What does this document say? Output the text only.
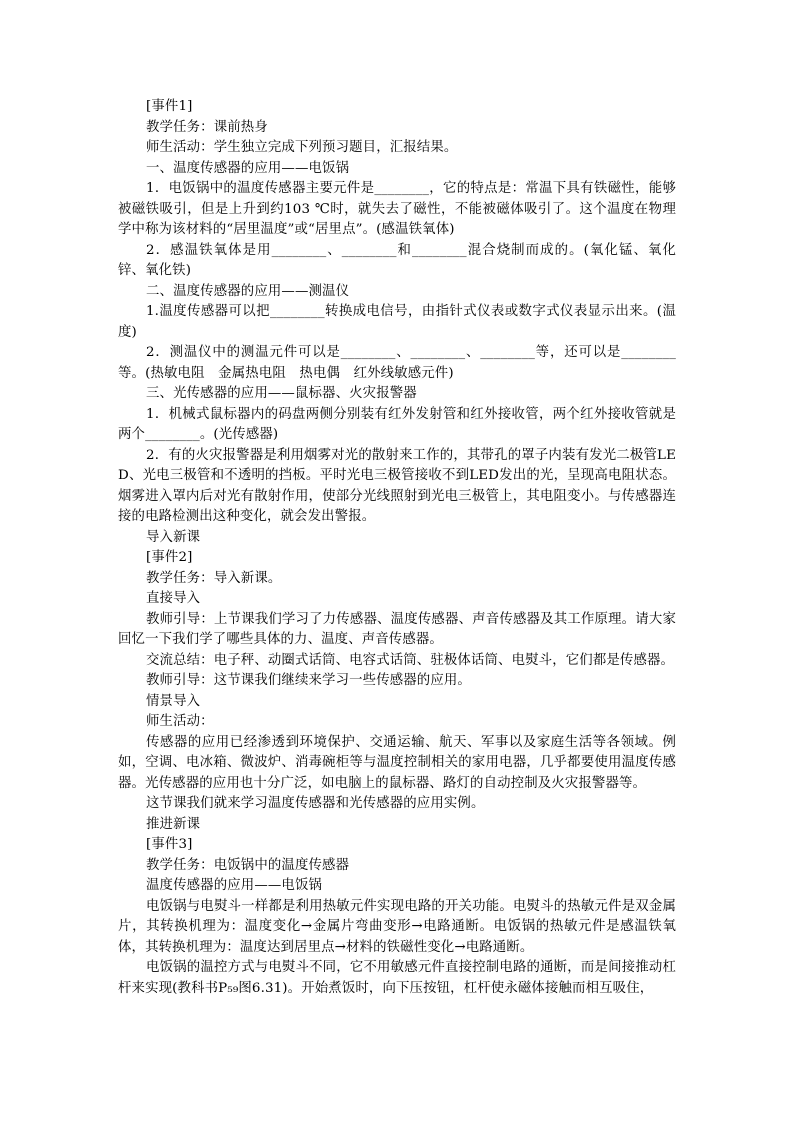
[事件1]

教学任务：课前热身

师生活动：学生独立完成下列预习题目，汇报结果。

一、温度传感器的应用——电饭锅

1．电饭锅中的温度传感器主要元件是________，它的特点是：常温下具有铁磁性，能够被磁铁吸引，但是上升到约103 ℃时，就失去了磁性，不能被磁体吸引了。这个温度在物理学中称为该材料的“居里温度”或“居里点”。(感温铁氧体)

2．感温铁氧体是用________、________和________混合烧制而成的。(氧化锰、氧化锌、氧化铁)

二、温度传感器的应用——测温仪

1.温度传感器可以把________转换成电信号，由指针式仪表或数字式仪表显示出来。(温度)

2．测温仪中的测温元件可以是________、________、________等，还可以是________等。(热敏电阻　金属热电阻　热电偶　红外线敏感元件)

三、光传感器的应用——鼠标器、火灾报警器

1．机械式鼠标器内的码盘两侧分别装有红外发射管和红外接收管，两个红外接收管就是两个________。(光传感器)

2．有的火灾报警器是利用烟雾对光的散射来工作的，其带孔的罩子内装有发光二极管LED、光电三极管和不透明的挡板。平时光电三极管接收不到LED发出的光，呈现高电阻状态。烟雾进入罩内后对光有散射作用，使部分光线照射到光电三极管上，其电阻变小。与传感器连接的电路检测出这种变化，就会发出警报。

导入新课

[事件2]

教学任务：导入新课。

直接导入

教师引导：上节课我们学习了力传感器、温度传感器、声音传感器及其工作原理。请大家回忆一下我们学了哪些具体的力、温度、声音传感器。

交流总结：电子秤、动圈式话筒、电容式话筒、驻极体话筒、电熨斗，它们都是传感器。

教师引导：这节课我们继续来学习一些传感器的应用。

情景导入

师生活动：

传感器的应用已经渗透到环境保护、交通运输、航天、军事以及家庭生活等各领域。例如，空调、电冰箱、微波炉、消毒碗柜等与温度控制相关的家用电器，几乎都要使用温度传感器。光传感器的应用也十分广泛，如电脑上的鼠标器、路灯的自动控制及火灾报警器等。

这节课我们就来学习温度传感器和光传感器的应用实例。

推进新课

[事件3]

教学任务：电饭锅中的温度传感器

温度传感器的应用——电饭锅

电饭锅与电熨斗一样都是利用热敏元件实现电路的开关功能。电熨斗的热敏元件是双金属片，其转换机理为：温度变化→金属片弯曲变形→电路通断。电饭锅的热敏元件是感温铁氧体，其转换机理为：温度达到居里点→材料的铁磁性变化→电路通断。

电饭锅的温控方式与电熨斗不同，它不用敏感元件直接控制电路的通断，而是间接推动杠杆来实现(教科书P₅₉图6.31)。开始煮饭时，向下压按钮，杠杆使永磁体接触而相互吸住，
